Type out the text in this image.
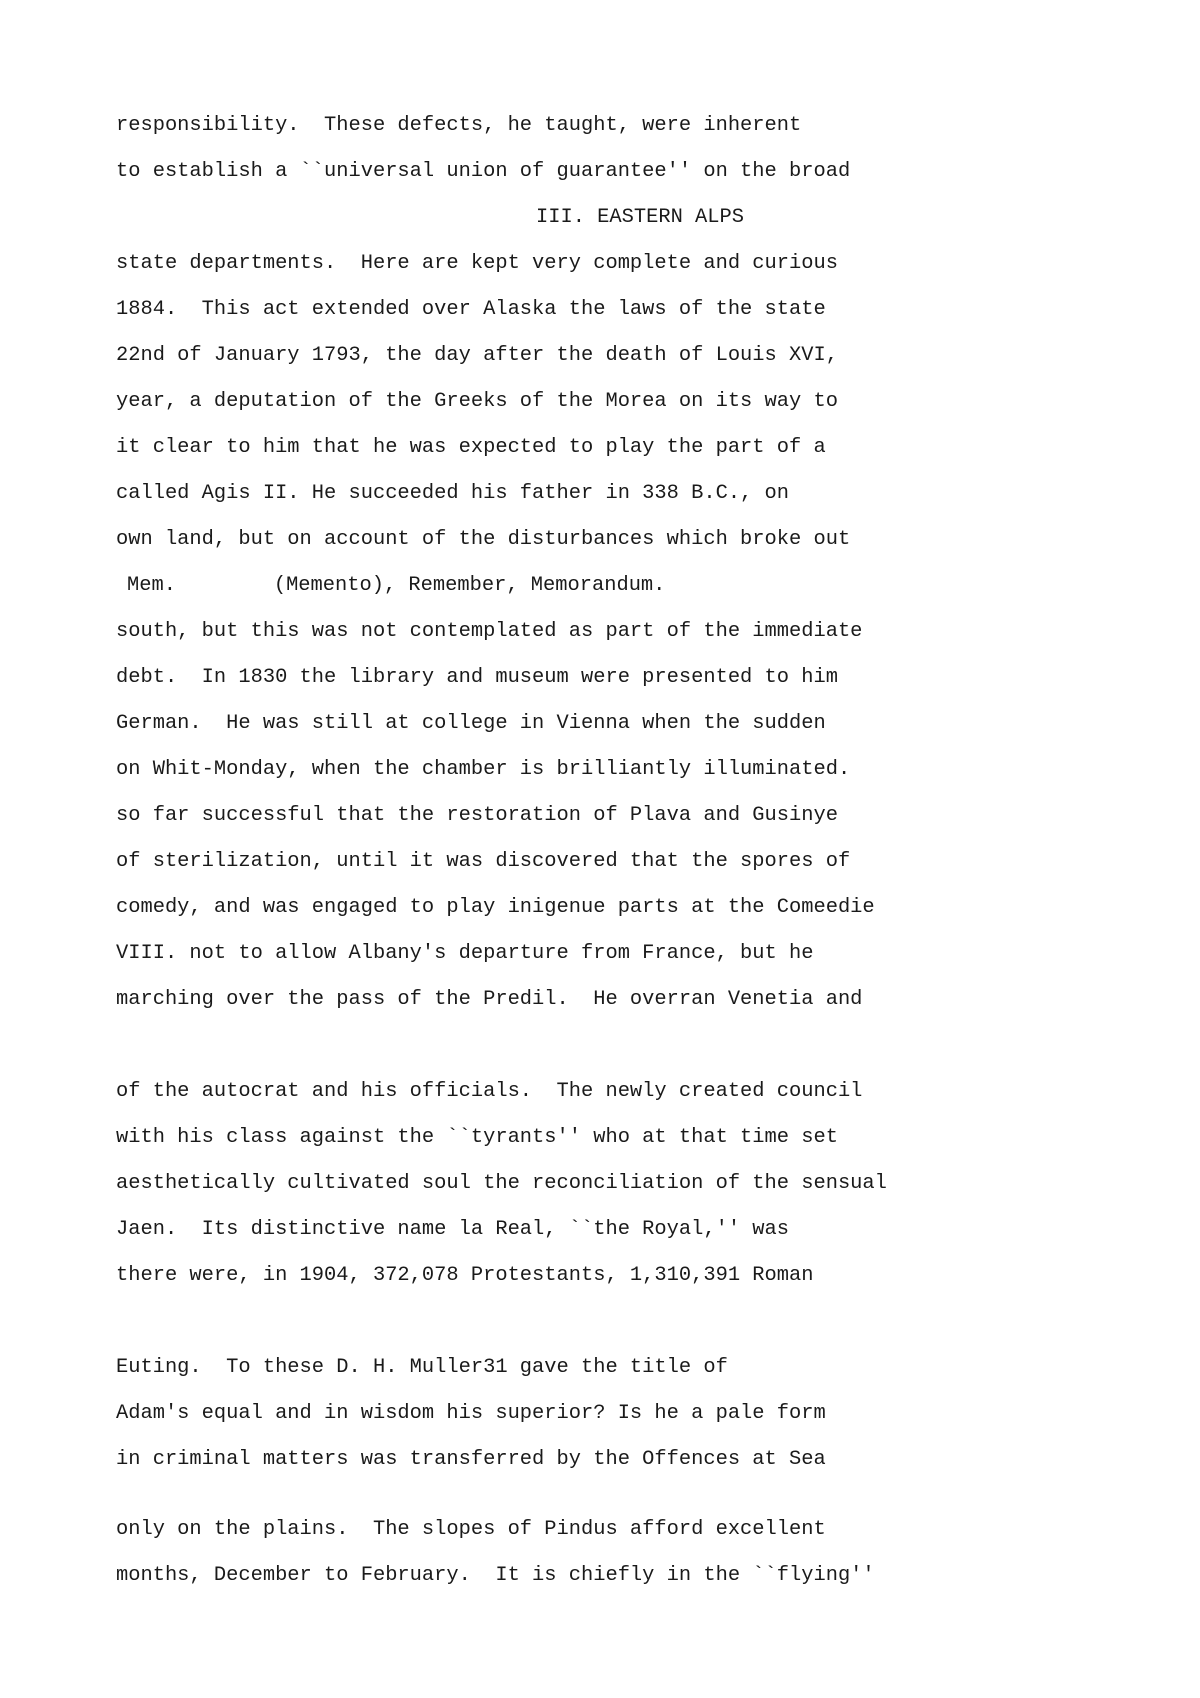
responsibility.  These defects, he taught, were inherent

to establish a ``universal union of guarantee'' on the broad

III. EASTERN ALPS

state departments.  Here are kept very complete and curious

1884.  This act extended over Alaska the laws of the state

22nd of January 1793, the day after the death of Louis XVI,

year, a deputation of the Greeks of the Morea on its way to

it clear to him that he was expected to play the part of a

called Agis II. He succeeded his father in 338 B.C., on

own land, but on account of the disturbances which broke out

Mem.        (Memento), Remember, Memorandum.

south, but this was not contemplated as part of the immediate

debt.  In 1830 the library and museum were presented to him

German.  He was still at college in Vienna when the sudden

on Whit-Monday, when the chamber is brilliantly illuminated.

so far successful that the restoration of Plava and Gusinye

of sterilization, until it was discovered that the spores of

comedy, and was engaged to play inigenue parts at the Comeedie

VIII. not to allow Albany's departure from France, but he

marching over the pass of the Predil.  He overran Venetia and

of the autocrat and his officials.  The newly created council

with his class against the ``tyrants'' who at that time set

aesthetically cultivated soul the reconciliation of the sensual

Jaen.  Its distinctive name la Real, ``the Royal,'' was

there were, in 1904, 372,078 Protestants, 1,310,391 Roman

Euting.  To these D. H. Muller31 gave the title of

Adam's equal and in wisdom his superior? Is he a pale form

in criminal matters was transferred by the Offences at Sea

only on the plains.  The slopes of Pindus afford excellent

months, December to February.  It is chiefly in the ``flying''
